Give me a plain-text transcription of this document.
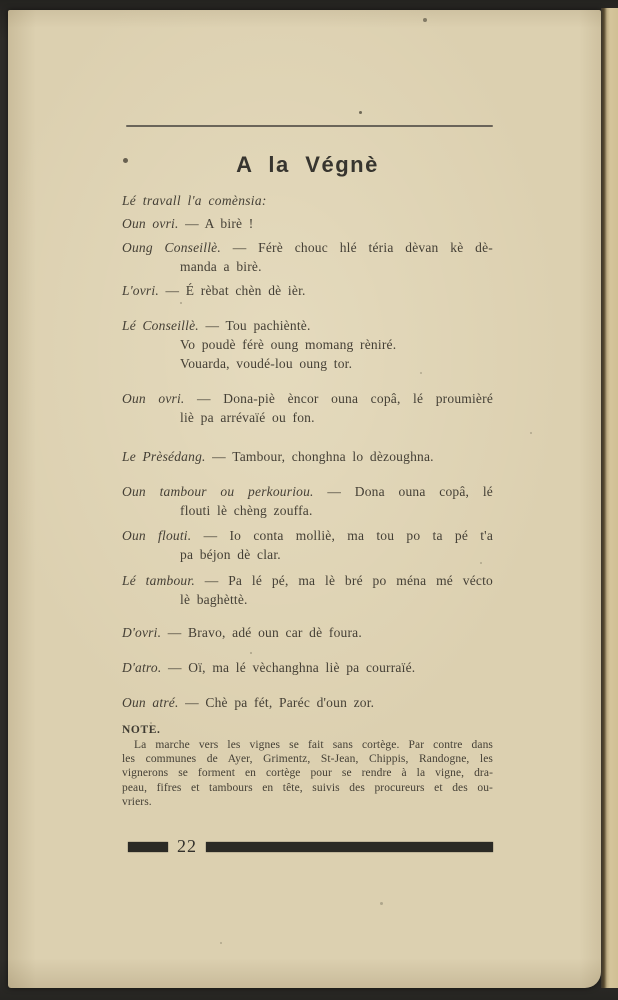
A la Végnè
Lé travall l'a comènsia:
Oun ovri. — A birè !
Oung Conseillè. — Férè chouc hlé téria dèvan kè dè-
manda a birè.
L'ovri. — É rèbat chèn dè ièr.
Lé Conseillè. — Tou pachièntè.
Vo poudè férè oung momang rèniré.
Vouarda, voudé-lou oung tor.
Oun ovri. — Dona-piè èncor ouna copâ, lé proumièré
liè pa arrévaïé ou fon.
Le Prèsédang. — Tambour, chonghna lo dèzoughna.
Oun tambour ou perkouriou. — Dona ouna copâ, lé
flouti lè chèng zouffa.
Oun flouti. — Io conta molliè, ma tou po ta pé t'a
pa béjon dè clar.
Lé tambour. — Pa lé pé, ma lè bré po ména mé vécto
lè baghèttè.
D'ovri. — Bravo, adé oun car dè foura.
D'atro. — Oï, ma lé vèchanghna liè pa courraïé.
Oun atré. — Chè pa fét, Paréc d'oun zor.
NOTE.
La marche vers les vignes se fait sans cortège. Par contre dans
les communes de Ayer, Grimentz, St-Jean, Chippis, Randogne, les
vignerons se forment en cortège pour se rendre à la vigne, dra-
peau, fifres et tambours en tête, suivis des procureurs et des ou-
vriers.
22
